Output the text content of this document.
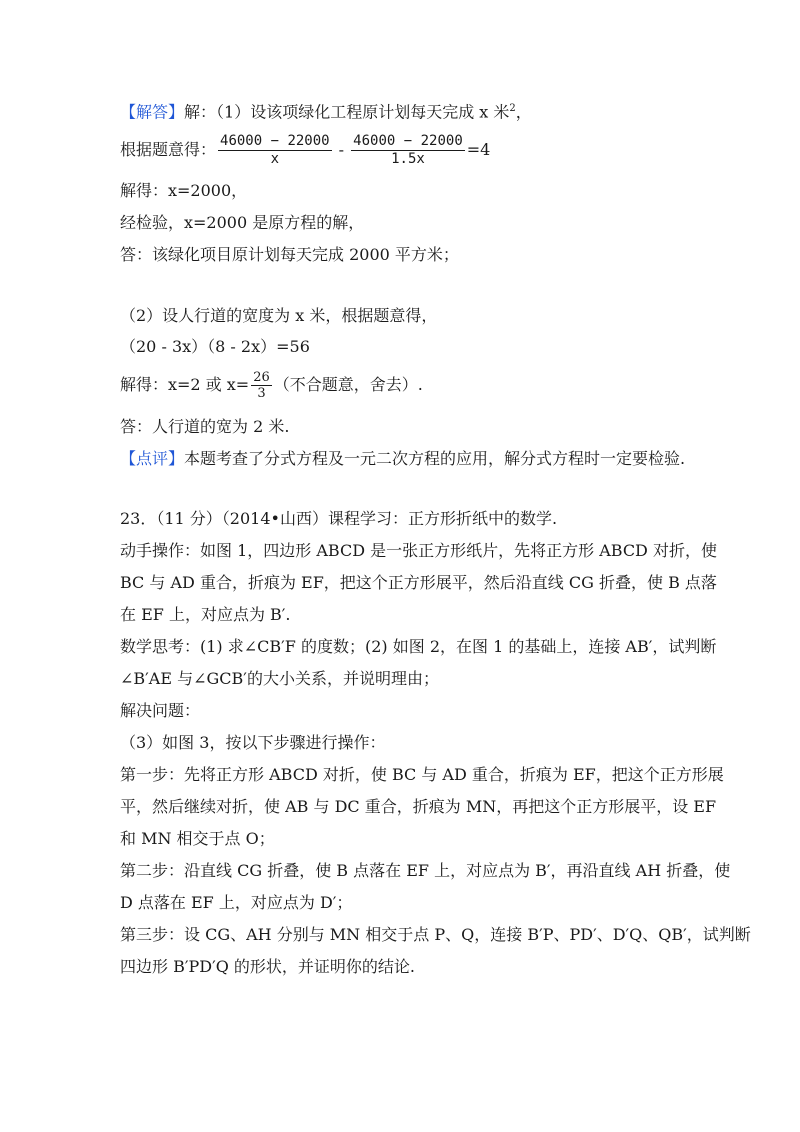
【解答】解：（1）设该项绿化工程原计划每天完成 x 米$^2$，
根据题意得： $\frac{46000 - 22000}{x} - \frac{46000 - 22000}{1.5x} =4$
解得：x=2000，
经检验，x=2000 是原方程的解，
答：该绿化项目原计划每天完成 2000 平方米；
（2）设人行道的宽度为 x 米，根据题意得，
（20 - 3x）（8 - 2x）=56
解得：x=2 或 $x= \frac{26}{3}$ （不合题意，舍去）.
答：人行道的宽为 2 米.
【点评】本题考查了分式方程及一元二次方程的应用，解分式方程时一定要检验.
23．（11 分）（2014•山西）课程学习：正方形折纸中的数学.
动手操作：如图 1，四边形 ABCD 是一张正方形纸片，先将正方形 ABCD 对折，使
BC 与 AD 重合，折痕为 EF，把这个正方形展平，然后沿直线 CG 折叠，使 B 点落
在 EF 上，对应点为 B′.
数学思考：(1) 求∠CB′F 的度数；(2) 如图 2，在图 1 的基础上，连接 AB′，试判断
∠B′AE 与∠GCB′的大小关系，并说明理由；
解决问题：
（3）如图 3，按以下步骤进行操作：
第一步：先将正方形 ABCD 对折，使 BC 与 AD 重合，折痕为 EF，把这个正方形展
平，然后继续对折，使 AB 与 DC 重合，折痕为 MN，再把这个正方形展平，设 EF
和 MN 相交于点 O；
第二步：沿直线 CG 折叠，使 B 点落在 EF 上，对应点为 B′，再沿直线 AH 折叠，使
D 点落在 EF 上，对应点为 D′；
第三步：设 CG、AH 分别与 MN 相交于点 P、Q，连接 B′P、PD′、D′Q、QB′，试判断
四边形 B′PD′Q 的形状，并证明你的结论.
